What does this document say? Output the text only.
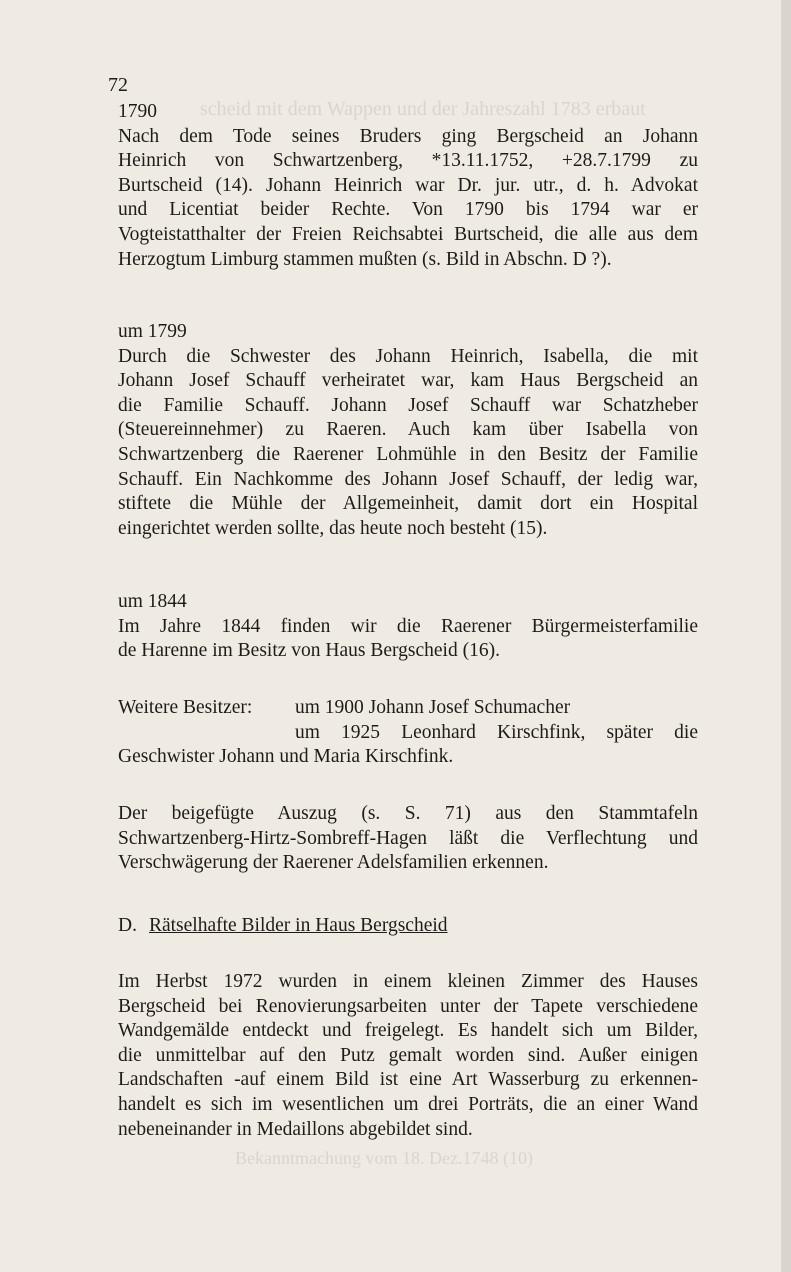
scheid mit dem Wappen und der Jahreszahl 1783 erbaut
Bekanntmachung vom 18. Dez.1748 (10)
72
1790
Nach dem Tode seines Bruders ging Bergscheid an Johann
Heinrich von Schwartzenberg, *13.11.1752, +28.7.1799 zu
Burtscheid (14). Johann Heinrich war Dr. jur. utr., d. h. Advokat
und Licentiat beider Rechte. Von 1790 bis 1794 war er
Vogteistatthalter der Freien Reichsabtei Burtscheid, die alle aus dem
Herzogtum Limburg stammen mußten (s. Bild in Abschn. D ?).
um 1799
Durch die Schwester des Johann Heinrich, Isabella, die mit
Johann Josef Schauff verheiratet war, kam Haus Bergscheid an
die Familie Schauff. Johann Josef Schauff war Schatzheber
(Steuereinnehmer) zu Raeren. Auch kam über Isabella von
Schwartzenberg die Raerener Lohmühle in den Besitz der Familie
Schauff. Ein Nachkomme des Johann Josef Schauff, der ledig war,
stiftete die Mühle der Allgemeinheit, damit dort ein Hospital
eingerichtet werden sollte, das heute noch besteht (15).
um 1844
Im Jahre 1844 finden wir die Raerener Bürgermeisterfamilie
de Harenne im Besitz von Haus Bergscheid (16).
Weitere Besitzer: um 1900 Johann Josef Schumacher
um 1925 Leonhard Kirschfink, später die
Geschwister Johann und Maria Kirschfink.
Der beigefügte Auszug (s. S. 71) aus den Stammtafeln
Schwartzenberg-Hirtz-Sombreff-Hagen läßt die Verflechtung und
Verschwägerung der Raerener Adelsfamilien erkennen.
D. Rätselhafte Bilder in Haus Bergscheid
Im Herbst 1972 wurden in einem kleinen Zimmer des Hauses
Bergscheid bei Renovierungsarbeiten unter der Tapete verschiedene
Wandgemälde entdeckt und freigelegt. Es handelt sich um Bilder,
die unmittelbar auf den Putz gemalt worden sind. Außer einigen
Landschaften -auf einem Bild ist eine Art Wasserburg zu erkennen-
handelt es sich im wesentlichen um drei Porträts, die an einer Wand
nebeneinander in Medaillons abgebildet sind.
